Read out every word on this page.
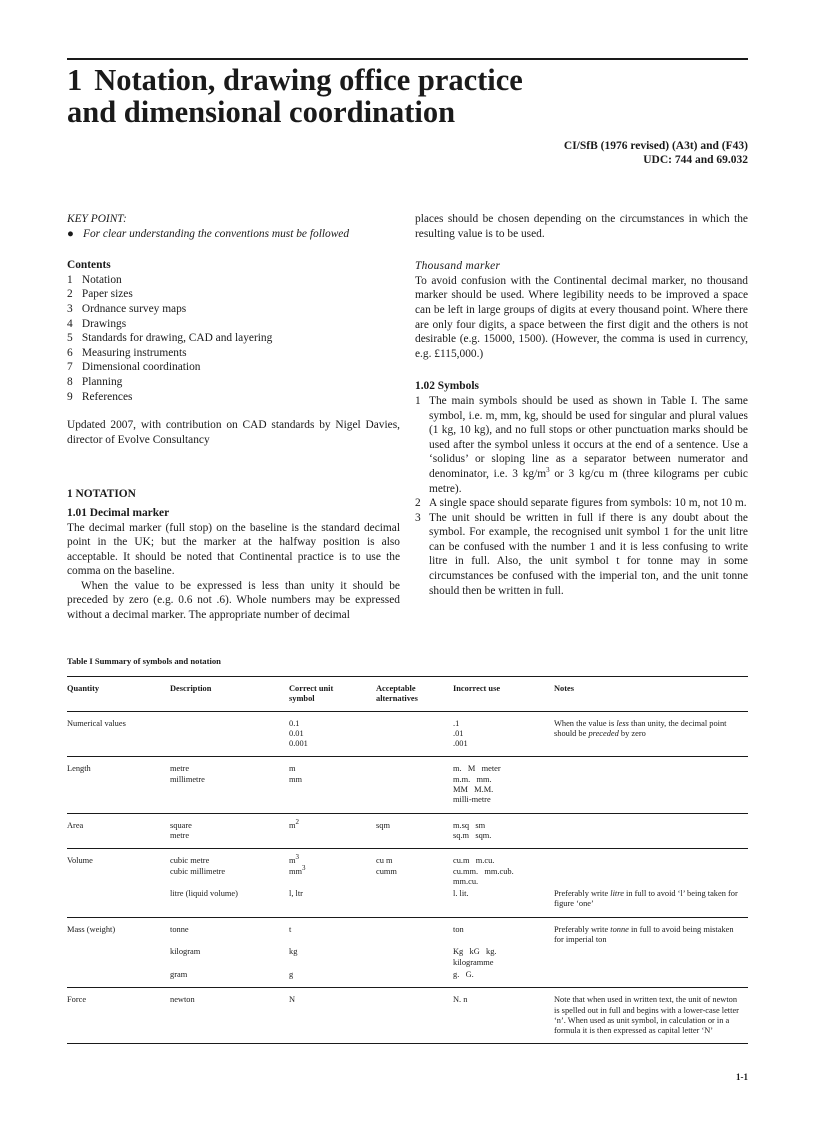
1 Notation, drawing office practice
and dimensional coordination
CI/SfB (1976 revised) (A3t) and (F43)
UDC: 744 and 69.032

KEY POINT:

● For clear understanding the conventions must be followed

Contents

1 Notation
2 Paper sizes
3 Ordnance survey maps
4 Drawings
5 Standards for drawing, CAD and layering
6 Measuring instruments
7 Dimensional coordination
8 Planning
9 References

Updated 2007, with contribution on CAD standards by Nigel Davies, director of Evolve Consultancy

1 NOTATION

1.01 Decimal marker

The decimal marker (full stop) on the baseline is the standard decimal point in the UK; but the marker at the halfway position is also acceptable. It should be noted that Continental practice is to use the comma on the baseline.

When the value to be expressed is less than unity it should be preceded by zero (e.g. 0.6 not .6). Whole numbers may be expressed without a decimal marker. The appropriate number of decimal

places should be chosen depending on the circumstances in which the resulting value is to be used.

Thousand marker

To avoid confusion with the Continental decimal marker, no thousand marker should be used. Where legibility needs to be improved a space can be left in large groups of digits at every thousand point. Where there are only four digits, a space between the first digit and the others is not desirable (e.g. 15000, 1500). (However, the comma is used in currency, e.g. £115,000.)

1.02 Symbols

1 The main symbols should be used as shown in Table I. The same symbol, i.e. m, mm, kg, should be used for singular and plural values (1 kg, 10 kg), and no full stops or other punctuation marks should be used after the symbol unless it occurs at the end of a sentence. Use a ‘solidus’ or sloping line as a separator between numerator and denominator, i.e. 3 $kg/m^3$ or 3 kg/cu m (three kilograms per cubic metre).
2 A single space should separate figures from symbols: 10 m, not 10 m.
3 The unit should be written in full if there is any doubt about the symbol. For example, the recognised unit symbol 1 for the unit litre can be confused with the number 1 and it is less confusing to write litre in full. Also, the unit symbol t for tonne may in some circumstances be confused with the imperial ton, and the unit tonne should then be written in full.
Table I Summary of symbols and notation
Quantity	Description	Correct unit
symbol	Acceptable
alternatives	Incorrect use	Notes
Numerical values		0.1
0.01
0.001		.1
.01
.001	When the value is less than unity, the decimal point should be preceded by zero
Length	metre
millimetre	m
mm		m.   M   meter
m.m.   mm.
MM   M.M.
milli-metre	
Area	square
metre	$m^2$	sqm	m.sq   sm
sq.m   sqm.	
Volume	cubic metre
cubic millimetre	$m^3$
$mm^3$	cu m
cumm	cu.m   m.cu.
cu.mm.   mm.cub.
mm.cu.	
	litre (liquid volume)	l, ltr		l. lit.	Preferably write litre in full to avoid ‘l’ being taken for figure ‘one’
Mass (weight)	tonne	t		ton	Preferably write tonne in full to avoid being mistaken for imperial ton
	kilogram	kg		Kg   kG   kg.
kilogramme	
	gram	g		g.   G.	
Force	newton	N		N. n	Note that when used in written text, the unit of newton is spelled out in full and begins with a lower-case letter ‘n’. When used as unit symbol, in calculation or in a formula it is then expressed as capital letter ‘N’
1-1
